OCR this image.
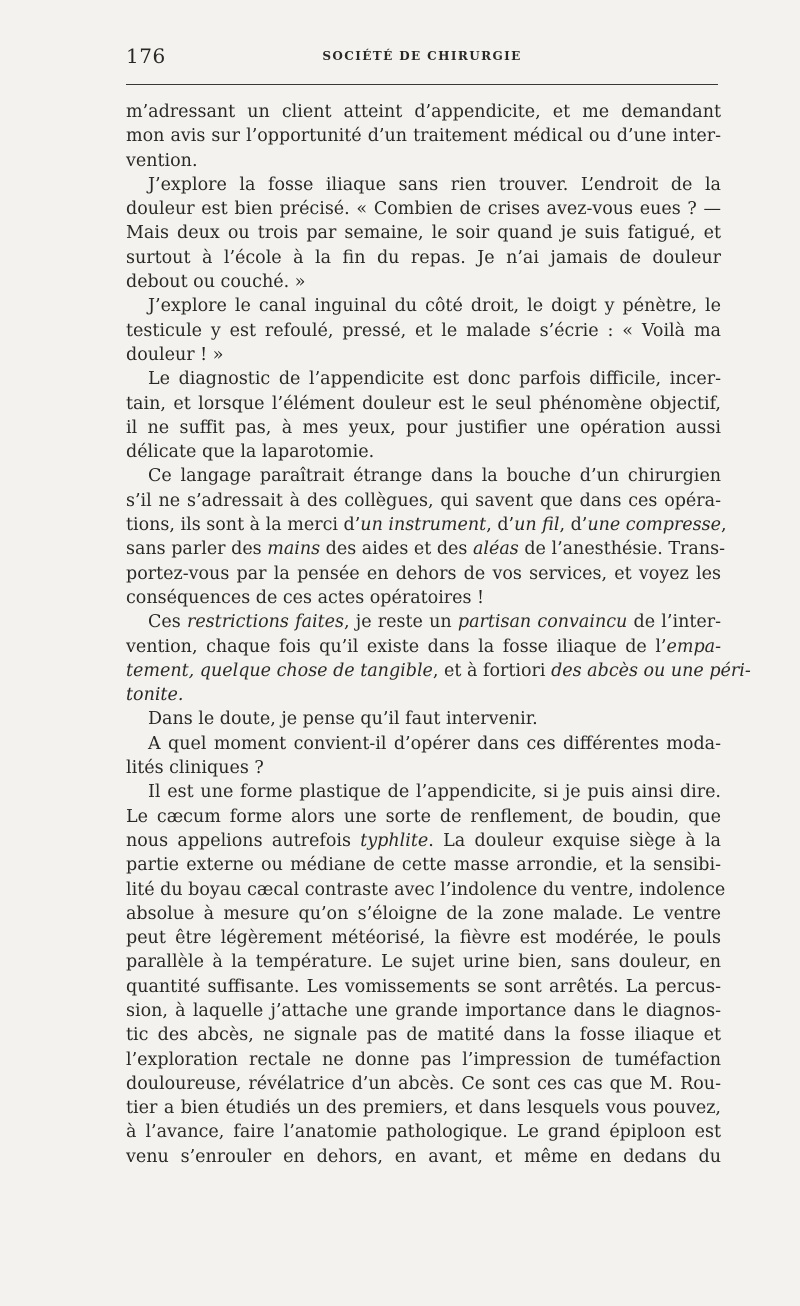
176	SOCIÉTÉ DE CHIRURGIE
m’adressant un client atteint d’appendicite, et me demandant
mon avis sur l’opportunité d’un traitement médical ou d’une inter-
vention.
J’explore la fosse iliaque sans rien trouver. L’endroit de la
douleur est bien précisé. « Combien de crises avez-vous eues ? —
Mais deux ou trois par semaine, le soir quand je suis fatigué, et
surtout à l’école à la fin du repas. Je n’ai jamais de douleur
debout ou couché. »
J’explore le canal inguinal du côté droit, le doigt y pénètre, le
testicule y est refoulé, pressé, et le malade s’écrie : « Voilà ma
douleur ! »
Le diagnostic de l’appendicite est donc parfois difficile, incer-
tain, et lorsque l’élément douleur est le seul phénomène objectif,
il ne suffit pas, à mes yeux, pour justifier une opération aussi
délicate que la laparotomie.
Ce langage paraîtrait étrange dans la bouche d’un chirurgien
s’il ne s’adressait à des collègues, qui savent que dans ces opéra-
tions, ils sont à la merci d’un instrument, d’un fil, d’une compresse,
sans parler des mains des aides et des aléas de l’anesthésie. Trans-
portez-vous par la pensée en dehors de vos services, et voyez les
conséquences de ces actes opératoires !
Ces restrictions faites, je reste un partisan convaincu de l’inter-
vention, chaque fois qu’il existe dans la fosse iliaque de l’empa-
tement, quelque chose de tangible, et à fortiori des abcès ou une péri-
tonite.
Dans le doute, je pense qu’il faut intervenir.
A quel moment convient-il d’opérer dans ces différentes moda-
lités cliniques ?
Il est une forme plastique de l’appendicite, si je puis ainsi dire.
Le cæcum forme alors une sorte de renflement, de boudin, que
nous appelions autrefois typhlite. La douleur exquise siège à la
partie externe ou médiane de cette masse arrondie, et la sensibi-
lité du boyau cæcal contraste avec l’indolence du ventre, indolence
absolue à mesure qu’on s’éloigne de la zone malade. Le ventre
peut être légèrement météorisé, la fièvre est modérée, le pouls
parallèle à la température. Le sujet urine bien, sans douleur, en
quantité suffisante. Les vomissements se sont arrêtés. La percus-
sion, à laquelle j’attache une grande importance dans le diagnos-
tic des abcès, ne signale pas de matité dans la fosse iliaque et
l’exploration rectale ne donne pas l’impression de tuméfaction
douloureuse, révélatrice d’un abcès. Ce sont ces cas que M. Rou-
tier a bien étudiés un des premiers, et dans lesquels vous pouvez,
à l’avance, faire l’anatomie pathologique. Le grand épiploon est
venu s’enrouler en dehors, en avant, et même en dedans du
